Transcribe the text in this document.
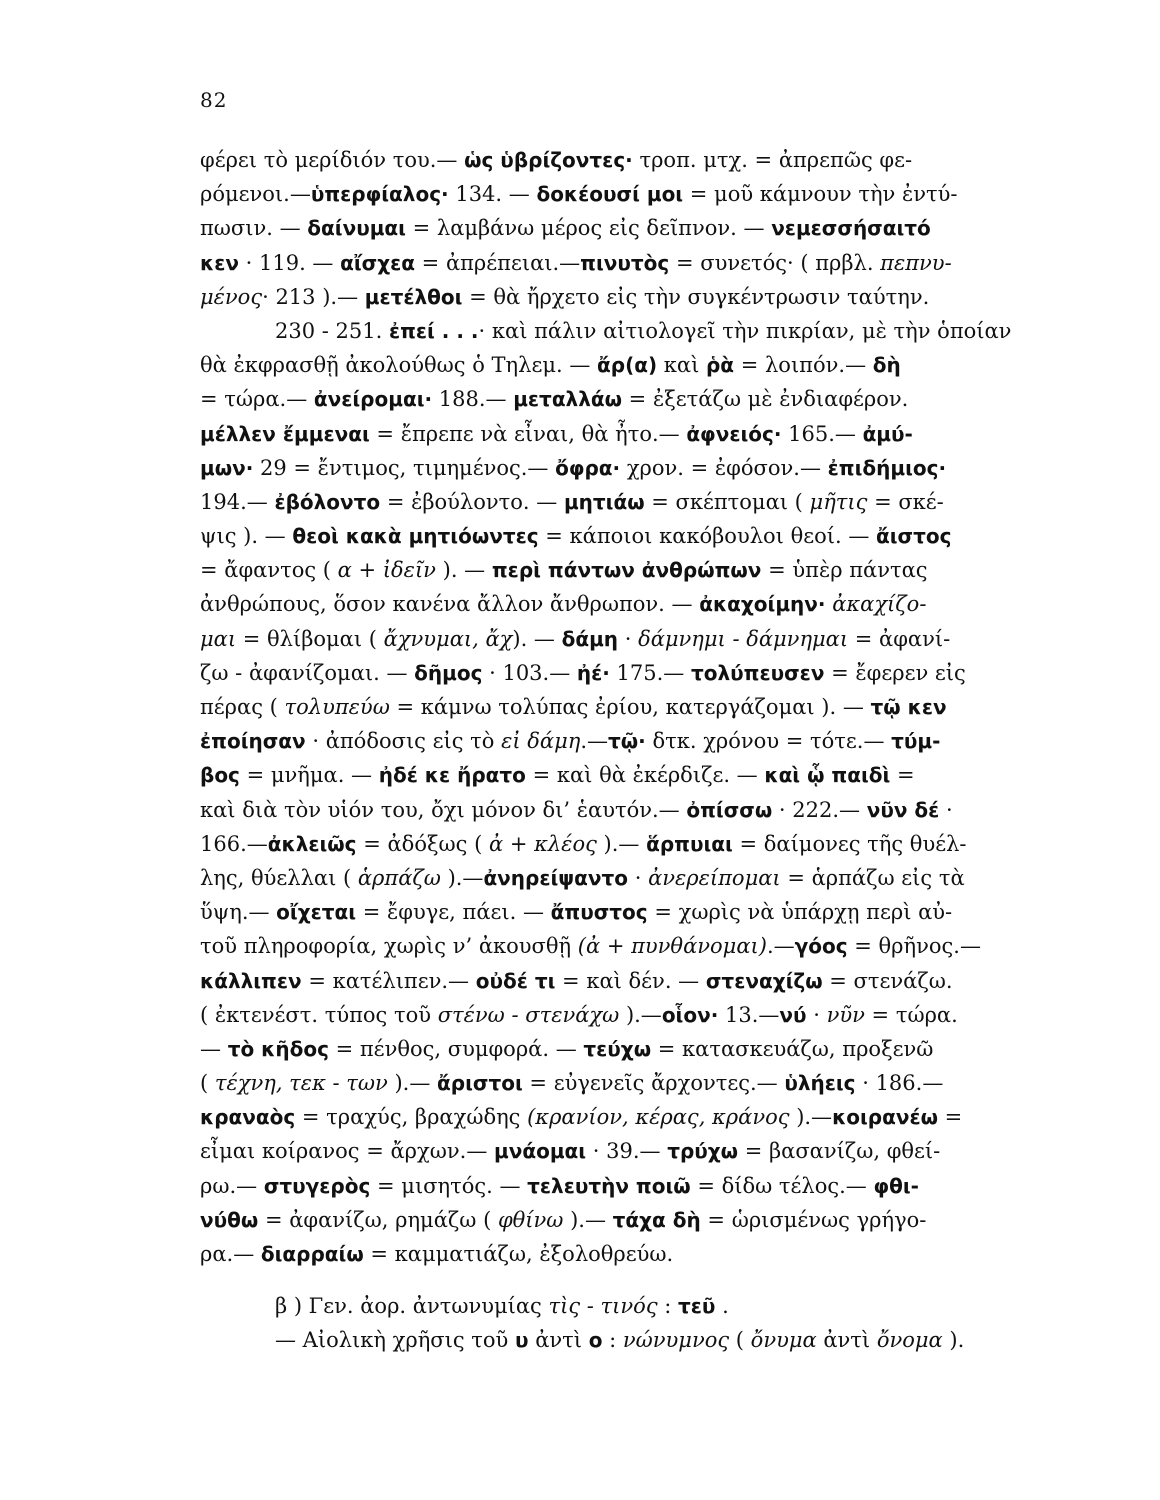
82
φέρει τὸ μερίδιόν του.— ὡς ὑβρίζοντες· τροπ. μτχ. = ἀπρεπῶς φε-
ρόμενοι.—ὑπερφίαλος· 134. — δοκέουσί μοι = μοῦ κάμνουν τὴν ἐντύ-
πωσιν. — δαίνυμαι = λαμβάνω μέρος εἰς δεῖπνον. — νεμεσσήσαιτό
κεν · 119. — αἴσχεα = ἀπρέπειαι.—πινυτὸς = συνετός· ( πρβλ. πεπνυ-
μένος· 213 ).— μετέλθοι = θὰ ἤρχετο εἰς τὴν συγκέντρωσιν ταύτην.
230 - 251. ἐπεί . . .· καὶ πάλιν αἰτιολογεῖ τὴν πικρίαν, μὲ τὴν ὁποίαν
θὰ ἐκφρασθῇ ἀκολούθως ὁ Τηλεμ. — ἄρ(α) καὶ ῥὰ = λοιπόν.— δὴ
= τώρα.— ἀνείρομαι· 188.— μεταλλάω = ἐξετάζω μὲ ἐνδιαφέρον.
μέλλεν ἔμμεναι = ἔπρεπε νὰ εἶναι, θὰ ἦτο.— ἀφνειός· 165.— ἀμύ-
μων· 29 = ἔντιμος, τιμημένος.— ὄφρα· χρον. = ἐφόσον.— ἐπιδήμιος·
194.— ἐβόλοντο = ἐβούλοντο. — μητιάω = σκέπτομαι ( μῆτις = σκέ-
ψις ). — θεοὶ κακὰ μητιόωντες = κάποιοι κακόβουλοι θεοί. — ἄιστος
= ἄφαντος ( α + ἰδεῖν ). — περὶ πάντων ἀνθρώπων = ὑπὲρ πάντας
ἀνθρώπους, ὅσον κανένα ἄλλον ἄνθρωπον. — ἀκαχοίμην· ἀκαχίζο-
μαι = θλίβομαι ( ἄχνυμαι, ἄχ). — δάμη · δάμνημι - δάμνημαι = ἀφανί-
ζω - ἀφανίζομαι. — δῆμος · 103.— ἠέ· 175.— τολύπευσεν = ἔφερεν εἰς
πέρας ( τολυπεύω = κάμνω τολύπας ἐρίου, κατεργάζομαι ). — τῷ κεν
ἐποίησαν · ἀπόδοσις εἰς τὸ εἰ δάμη.—τῷ· δτκ. χρόνου = τότε.— τύμ-
βος = μνῆμα. — ἠδέ κε ἤρατο = καὶ θὰ ἐκέρδιζε. — καὶ ᾧ παιδὶ =
καὶ διὰ τὸν υἱόν του, ὄχι μόνον δι’ ἑαυτόν.— ὀπίσσω · 222.— νῦν δέ ·
166.—ἀκλειῶς = ἀδόξως ( ἀ + κλέος ).— ἅρπυιαι = δαίμονες τῆς θυέλ-
λης, θύελλαι ( ἁρπάζω ).—ἀνηρείψαντο · ἀνερείπομαι = ἁρπάζω εἰς τὰ
ὕψη.— οἴχεται = ἔφυγε, πάει. — ἄπυστος = χωρὶς νὰ ὑπάρχῃ περὶ αὐ-
τοῦ πληροφορία, χωρὶς ν’ ἀκουσθῇ (ἀ + πυνθάνομαι).—γόος = θρῆνος.—
κάλλιπεν = κατέλιπεν.— οὐδέ τι = καὶ δέν. — στεναχίζω = στενάζω.
( ἐκτενέστ. τύπος τοῦ στένω - στενάχω ).—οἷον· 13.—νύ · νῦν = τώρα.
— τὸ κῆδος = πένθος, συμφορά. — τεύχω = κατασκευάζω, προξενῶ
( τέχνη, τεκ - των ).— ἄριστοι = εὐγενεῖς ἄρχοντες.— ὑλήεις · 186.—
κραναὸς = τραχύς, βραχώδης (κρανίον, κέρας, κράνος ).—κοιρανέω =
εἶμαι κοίρανος = ἄρχων.— μνάομαι · 39.— τρύχω = βασανίζω, φθεί-
ρω.— στυγερὸς = μισητός. — τελευτὴν ποιῶ = δίδω τέλος.— φθι-
νύθω = ἀφανίζω, ρημάζω ( φθίνω ).— τάχα δὴ = ὡρισμένως γρήγο-
ρα.— διαρραίω = καμματιάζω, ἐξολοθρεύω.
β ) Γεν. ἀορ. ἀντωνυμίας τὶς - τινός : τεῦ .
— Αἰολικὴ χρῆσις τοῦ υ ἀντὶ ο : νώνυμνος ( ὄνυμα ἀντὶ ὄνομα ).
